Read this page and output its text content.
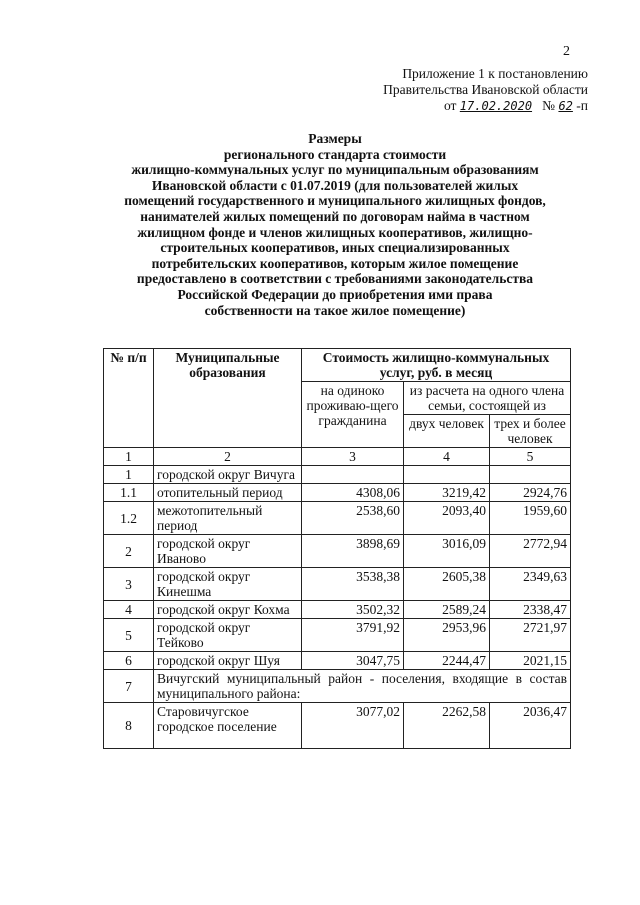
2
Приложение 1 к постановлению
Правительства Ивановской области
от 17.02.2020 № 62 -п
Размеры
регионального стандарта стоимости
жилищно-коммунальных услуг по муниципальным образованиям
Ивановской области с 01.07.2019 (для пользователей жилых
помещений государственного и муниципального жилищных фондов,
нанимателей жилых помещений по договорам найма в частном
жилищном фонде и членов жилищных кооперативов, жилищно-
строительных кооперативов, иных специализированных
потребительских кооперативов, которым жилое помещение
предоставлено в соответствии с требованиями законодательства
Российской Федерации до приобретения ими права
собственности на такое жилое помещение)
№ п/п	Муниципальные образования	Стоимость жилищно-коммунальных услуг, руб. в месяц		
		на одиноко проживаю-щего гражданина	из расчета на одного члена семьи, состоящей из	
			двух человек	трех и более человек
1	2	3	4	5
1	городской округ Вичуга			
1.1	отопительный период	4308,06	3219,42	2924,76
1.2	межотопительный период	2538,60	2093,40	1959,60
2	городской округ Иваново	3898,69	3016,09	2772,94
3	городской округ Кинешма	3538,38	2605,38	2349,63
4	городской округ Кохма	3502,32	2589,24	2338,47
5	городской округ Тейково	3791,92	2953,96	2721,97
6	городской округ Шуя	3047,75	2244,47	2021,15
7	Вичугский муниципальный район - поселения, входящие в состав муниципального района:			
8	Старовичугское городское поселение	3077,02	2262,58	2036,47
